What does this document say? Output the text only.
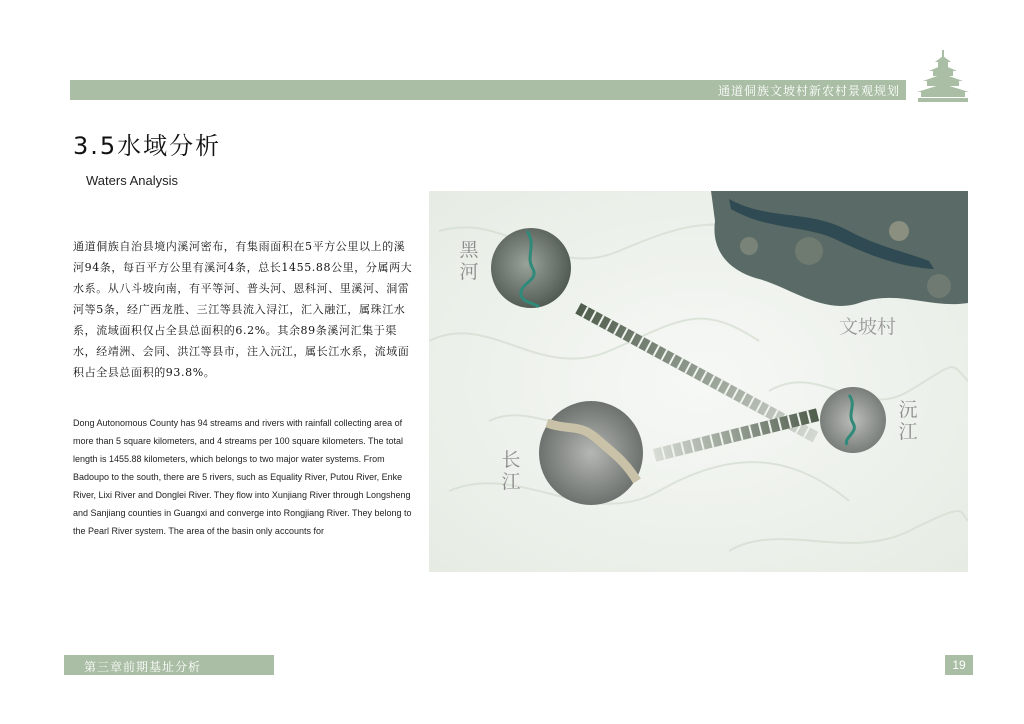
通道侗族文坡村新农村景观规划
3.5水域分析
Waters Analysis

通道侗族自治县境内溪河密布，有集雨面积在5平方公里以上的溪河94条，每百平方公里有溪河4条，总长1455.88公里，分属两大水系。从八斗坡向南，有平等河、普头河、恩科河、里溪河、洞雷河等5条，经广西龙胜、三江等县流入浔江，汇入融江，属珠江水系，流域面积仅占全县总面积的6.2%。其余89条溪河汇集于渠水，经靖洲、会同、洪江等县市，注入沅江，属长江水系，流域面积占全县总面积的93.8%。

Dong Autonomous County has 94 streams and rivers with rainfall collecting area of more than 5 square kilometers, and 4 streams per 100 square kilometers. The total length is 1455.88 kilometers, which belongs to two major water systems. From Badoupo to the south, there are 5 rivers, such as Equality River, Putou River, Enke River, Lixi River and Donglei River. They flow into Xunjiang River through Longsheng and Sanjiang counties in Guangxi and converge into Rongjiang River. They belong to the Pearl River system. The area of the basin only accounts for

黑河
文坡村
沅江
长江
第三章前期基址分析	19
